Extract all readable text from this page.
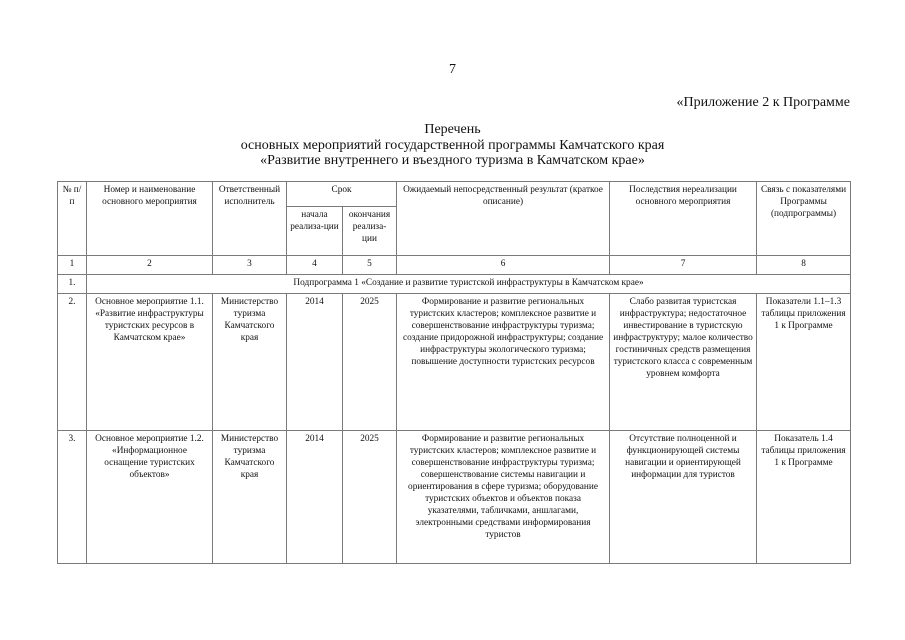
7
«Приложение 2 к Программе
Перечень
основных мероприятий государственной программы Камчатского края
«Развитие внутреннего и въездного туризма в Камчатском крае»
№ п/п	Номер и наименование основного мероприятия	Ответственный исполнитель	Срок		Ожидаемый непосредственный результат (краткое описание)	Последствия нереализации основного мероприятия	Связь с показателями Программы (подпрограммы)
			начала реализа-ции	окончания реализа-ции			
1	2	3	4	5	6	7	8
1.	Подпрограмма 1 «Создание и развитие туристской инфраструктуры в Камчатском крае»						
2.	Основное мероприятие 1.1. «Развитие инфраструктуры туристских ресурсов в Камчатском крае»	Министерство туризма Камчатского края	2014	2025	Формирование и развитие региональных туристских кластеров; комплексное развитие и совершенствование инфраструктуры туризма; создание придорожной инфраструктуры; создание инфраструктуры экологического туризма; повышение доступности туристских ресурсов	Слабо развитая туристская инфраструктура; недостаточное инвестирование в туристскую инфраструктуру; малое количество гостиничных средств размещения туристского класса с современным уровнем комфорта	Показатели 1.1–1.3 таблицы приложения 1 к Программе
3.	Основное мероприятие 1.2. «Информационное оснащение туристских объектов»	Министерство туризма Камчатского края	2014	2025	Формирование и развитие региональных туристских кластеров; комплексное развитие и совершенствование инфраструктуры туризма; совершенствование системы навигации и ориентирования в сфере туризма; оборудование туристских объектов и объектов показа указателями, табличками, аншлагами, электронными средствами информирования туристов	Отсутствие полноценной и функционирующей системы навигации и ориентирующей информации для туристов	Показатель 1.4 таблицы приложения 1 к Программе
